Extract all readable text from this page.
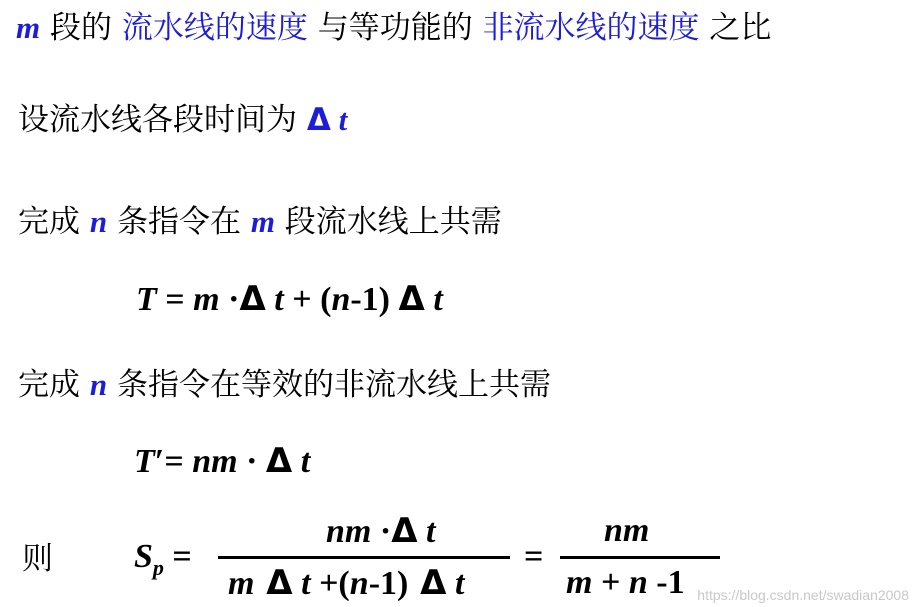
m 段的 流水线的速度 与等功能的 非流水线的速度 之比
设流水线各段时间为 Δ t
完成 n 条指令在 m 段流水线上共需
T = m ·Δ t + (n-1) Δ t
完成 n 条指令在等效的非流水线上共需
T′= nm · Δ t
则 $S_p$ =
nm ·Δ t
m Δ t +(n-1) Δ t
=
nm
m + n -1 https://blog.csdn.net/swadian2008
